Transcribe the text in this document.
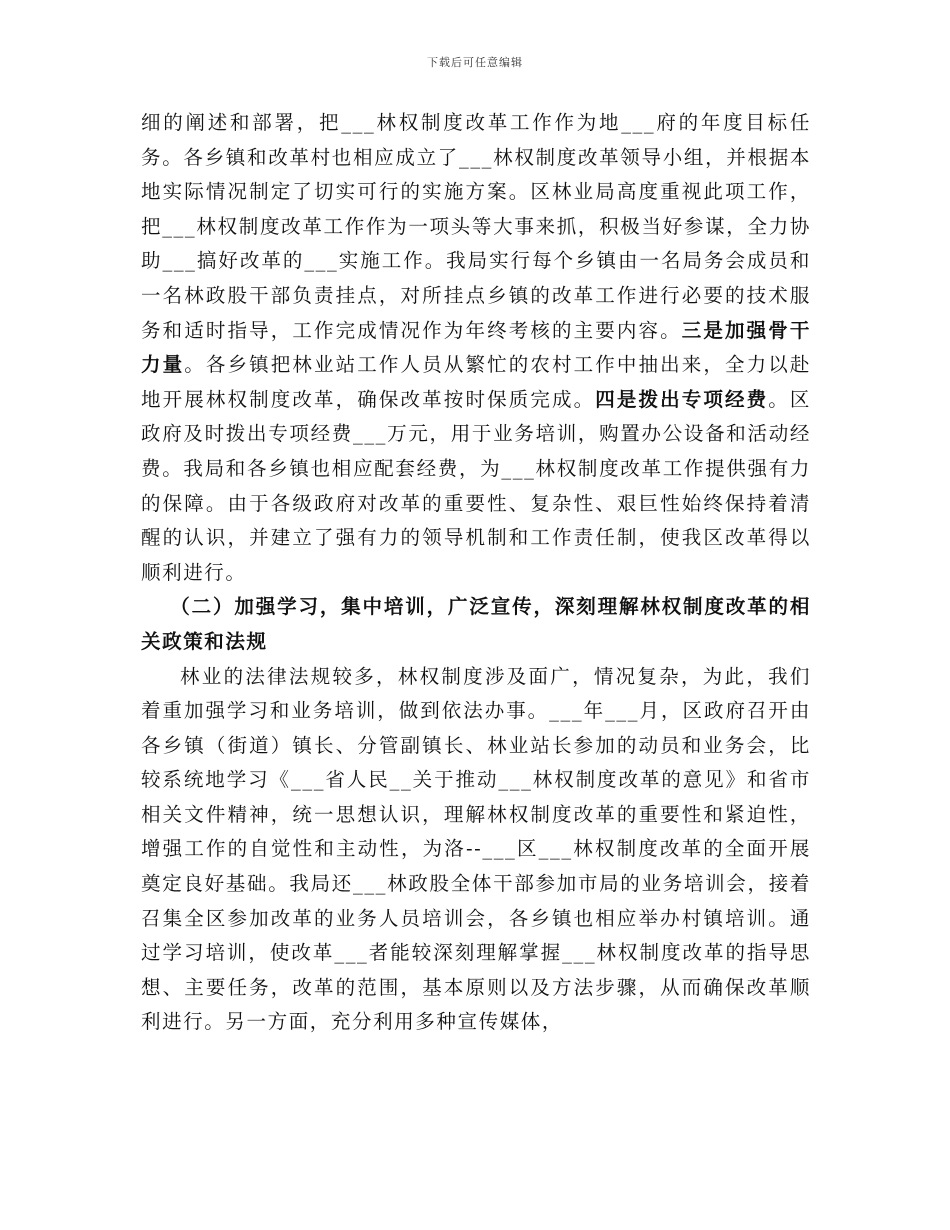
下载后可任意编辑

细的阐述和部署，把___林权制度改革工作作为地___府的年度目标任务。各乡镇和改革村也相应成立了___林权制度改革领导小组，并根据本地实际情况制定了切实可行的实施方案。区林业局高度重视此项工作，把___林权制度改革工作作为一项头等大事来抓，积极当好参谋，全力协助___搞好改革的___实施工作。我局实行每个乡镇由一名局务会成员和一名林政股干部负责挂点，对所挂点乡镇的改革工作进行必要的技术服务和适时指导，工作完成情况作为年终考核的主要内容。三是加强骨干力量。各乡镇把林业站工作人员从繁忙的农村工作中抽出来，全力以赴地开展林权制度改革，确保改革按时保质完成。四是拨出专项经费。区政府及时拨出专项经费___万元，用于业务培训，购置办公设备和活动经费。我局和各乡镇也相应配套经费，为___林权制度改革工作提供强有力的保障。由于各级政府对改革的重要性、复杂性、艰巨性始终保持着清醒的认识，并建立了强有力的领导机制和工作责任制，使我区改革得以顺利进行。

（二）加强学习，集中培训，广泛宣传，深刻理解林权制度改革的相关政策和法规

林业的法律法规较多，林权制度涉及面广，情况复杂，为此，我们着重加强学习和业务培训，做到依法办事。___年___月，区政府召开由各乡镇（街道）镇长、分管副镇长、林业站长参加的动员和业务会，比较系统地学习《___省人民__关于推动___林权制度改革的意见》和省市相关文件精神，统一思想认识，理解林权制度改革的重要性和紧迫性，增强工作的自觉性和主动性，为洛--___区___林权制度改革的全面开展奠定良好基础。我局还___林政股全体干部参加市局的业务培训会，接着召集全区参加改革的业务人员培训会，各乡镇也相应举办村镇培训。通过学习培训，使改革___者能较深刻理解掌握___林权制度改革的指导思想、主要任务，改革的范围，基本原则以及方法步骤，从而确保改革顺利进行。另一方面，充分利用多种宣传媒体，
